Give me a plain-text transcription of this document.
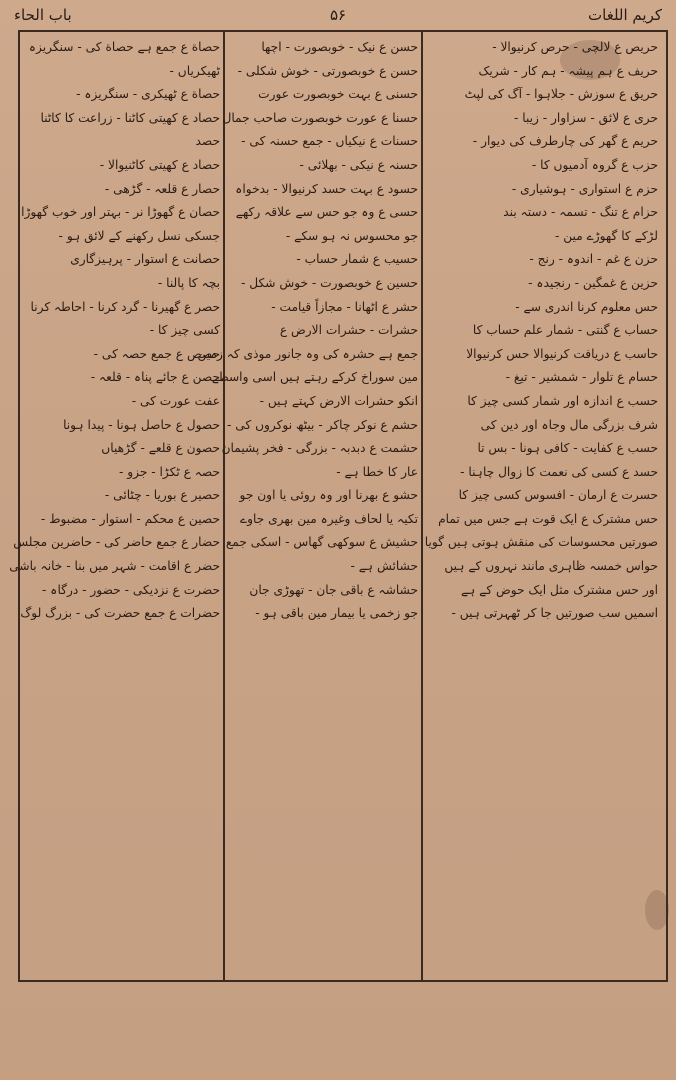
کریم اللغات
۵۶
باب الحاء
حریص ع لالچی - حرص کرنیوالا -
حریف ع ہم پیشہ - ہم کار - شریک
حریق ع سوزش - جلاہوا - آگ کی لپٹ
حری ع لائق - سزاوار - زیبا -
حریم ع گھر کی چارطرف کی دیوار -
حزب ع گروہ آدمیوں کا -
حزم ع استواری - ہوشیاری -
حزام ع تنگ - تسمہ - دستہ بند
لڑکے کا گھوڑے مین -
حزن ع غم - اندوہ - رنج -
حزین ع غمگین - رنجیدہ -
حس معلوم کرنا اندری سے -
حساب ع گنتی - شمار علم حساب کا
حاسب ع دریافت کرنیوالا حس کرنیوالا
حسام ع تلوار - شمشیر - تیغ -
حسب ع اندازہ اور شمار کسی چیز کا
شرف بزرگی مال وجاہ اور دین کی
حسب ع کفایت - کافی ہونا - بس تا
حسد ع کسی کی نعمت کا زوال چاہنا -
حسرت ع ارمان - افسوس کسی چیز کا
حس مشترک ع ایک قوت ہے جس میں تمام
صورتیں محسوسات کی منقش ہوتی ہیں گویا
حواس خمسہ ظاہری مانند نہروں کے ہیں
اور حس مشترک مثل ایک حوض کے ہے
اسمیں سب صورتیں جا کر ٹھہرتی ہیں -
حسن ع نیک - خوبصورت - اچھا
حسن ع خوبصورتی - خوش شکلی -
حسنی ع بہت خوبصورت عورت
حسنا ع عورت خوبصورت صاحب جمال
حسنات ع نیکیاں - جمع حسنہ کی -
حسنہ ع نیکی - بھلائی -
حسود ع بہت حسد کرنیوالا - بدخواہ
حسی ع وہ جو حس سے علاقہ رکھے
جو محسوس نہ ہو سکے -
حسیب ع شمار حساب -
حسین ع خوبصورت - خوش شکل -
حشر ع اٹھانا - مجازاً قیامت -
حشرات - حشرات الارض ع
جمع ہے حشرہ کی وہ جانور موذی کہ زمین
مین سوراخ کرکے رہتے ہیں اسی واسطے
انکو حشرات الارض کہتے ہیں -
حشم ع نوکر چاکر - بیٹھ نوکروں کی -
حشمت ع دبدبہ - بزرگی - فخر پشیمان
عار کا خطا ہے -
حشو ع بھرنا اور وہ روئی یا اون جو
تکیہ یا لحاف وغیرہ مین بھری جاوے
حشیش ع سوکھی گھاس - اسکی جمع
حشائش ہے -
حشاشہ ع باقی جان - تھوڑی جان
جو زخمی یا بیمار مین باقی ہو -
حصاة ع جمع ہے حصاة کی - سنگریزہ
ٹھیکریاں -
حصاة ع ٹھیکری - سنگریزہ -
حصاد ع کھیتی کاٹنا - زراعت کا کاٹنا
حصد
حصاد ع کھیتی کاٹنیوالا -
حصار ع قلعہ - گڑھی -
حصان ع گھوڑا نر - بہتر اور خوب گھوڑا
جسکی نسل رکھنے کے لائق ہو -
حصانت ع استوار - پرہیزگاری
بچہ کا پالنا -
حصر ع گھیرنا - گرد کرنا - احاطہ کرنا
کسی چیز کا -
حصص ع جمع حصہ کی -
حصن ع جائے پناہ - قلعہ -
عفت عورت کی -
حصول ع حاصل ہونا - پیدا ہونا
حصون ع قلعے - گڑھیاں
حصہ ع ٹکڑا - جزو -
حصیر ع بوریا - چٹائی -
حصین ع محکم - استوار - مضبوط -
حضار ع جمع حاضر کی - حاضرین مجلس
حضر ع اقامت - شہر میں بنا - خانہ باشی
حضرت ع نزدیکی - حضور - درگاہ -
حضرات ع جمع حضرت کی - بزرگ لوگ
